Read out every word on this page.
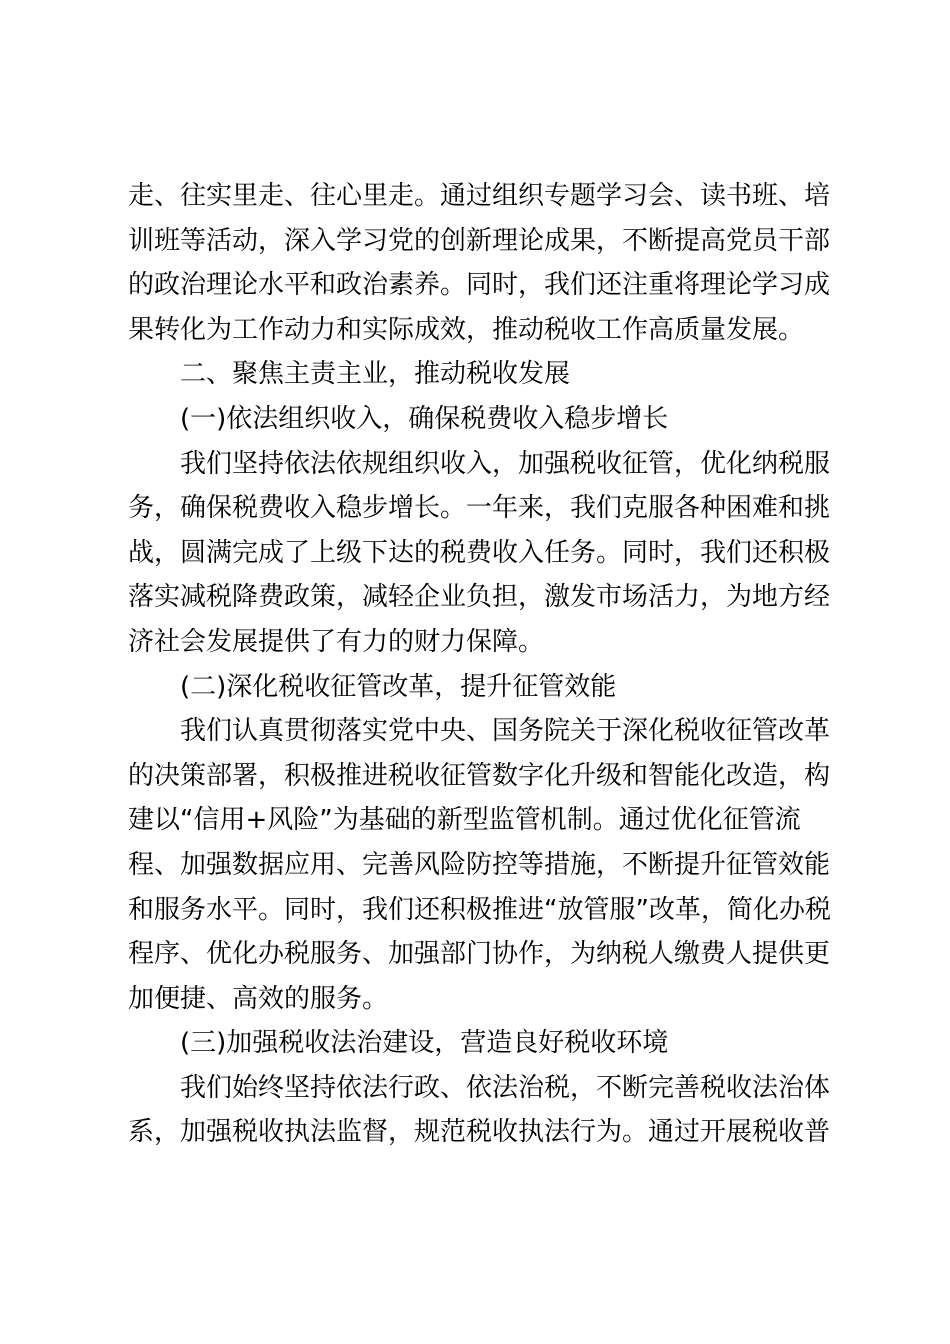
走、往实里走、往心里走。通过组织专题学习会、读书班、培
训班等活动，深入学习党的创新理论成果，不断提高党员干部
的政治理论水平和政治素养。同时，我们还注重将理论学习成
果转化为工作动力和实际成效，推动税收工作高质量发展。
二、聚焦主责主业，推动税收发展
(一)依法组织收入，确保税费收入稳步增长
我们坚持依法依规组织收入，加强税收征管，优化纳税服
务，确保税费收入稳步增长。一年来，我们克服各种困难和挑
战，圆满完成了上级下达的税费收入任务。同时，我们还积极
落实减税降费政策，减轻企业负担，激发市场活力，为地方经
济社会发展提供了有力的财力保障。
(二)深化税收征管改革，提升征管效能
我们认真贯彻落实党中央、国务院关于深化税收征管改革
的决策部署，积极推进税收征管数字化升级和智能化改造，构
建以“信用+风险”为基础的新型监管机制。通过优化征管流
程、加强数据应用、完善风险防控等措施，不断提升征管效能
和服务水平。同时，我们还积极推进“放管服”改革，简化办税
程序、优化办税服务、加强部门协作，为纳税人缴费人提供更
加便捷、高效的服务。
(三)加强税收法治建设，营造良好税收环境
我们始终坚持依法行政、依法治税，不断完善税收法治体
系，加强税收执法监督，规范税收执法行为。通过开展税收普
